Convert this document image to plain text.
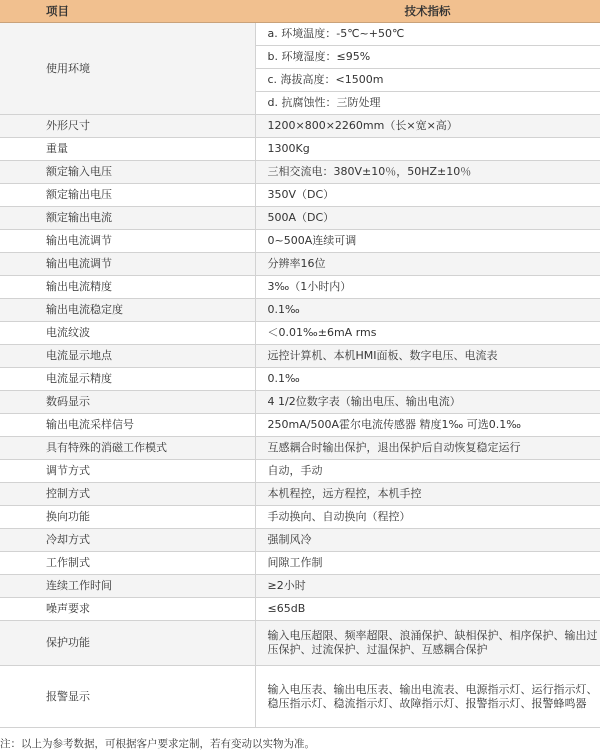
项目	技术指标
使用环境	a. 环境温度：-5℃~+50℃
	b. 环境湿度：≤95%
	c. 海拔高度：<1500m
	d. 抗腐蚀性：三防处理
外形尺寸	1200×800×2260mm（长×宽×高）
重量	1300Kg
额定输入电压	三相交流电：380V±10％，50HZ±10％
额定输出电压	350V（DC）
额定输出电流	500A（DC）
输出电流调节	0~500A连续可调
输出电流调节	分辨率16位
输出电流精度	3‰（1小时内）
输出电流稳定度	0.1‰
电流纹波	＜0.01‰±6mA rms
电流显示地点	远控计算机、本机HMI面板、数字电压、电流表
电流显示精度	0.1‰
数码显示	4 1/2位数字表（输出电压、输出电流）
输出电流采样信号	250mA/500A霍尔电流传感器 精度1‰ 可选0.1‰
具有特殊的消磁工作模式	互感耦合时输出保护，退出保护后自动恢复稳定运行
调节方式	自动，手动
控制方式	本机程控，远方程控，本机手控
换向功能	手动换向、自动换向（程控）
冷却方式	强制风冷
工作制式	间隙工作制
连续工作时间	≥2小时
噪声要求	≤65dB
保护功能	输入电压超限、频率超限、浪涌保护、缺相保护、相序保护、输出过压保护、过流保护、过温保护、互感耦合保护
报警显示	输入电压表、输出电压表、输出电流表、电源指示灯、运行指示灯、稳压指示灯、稳流指示灯、故障指示灯、报警指示灯、报警蜂鸣器
注：以上为参考数据，可根据客户要求定制，若有变动以实物为准。
